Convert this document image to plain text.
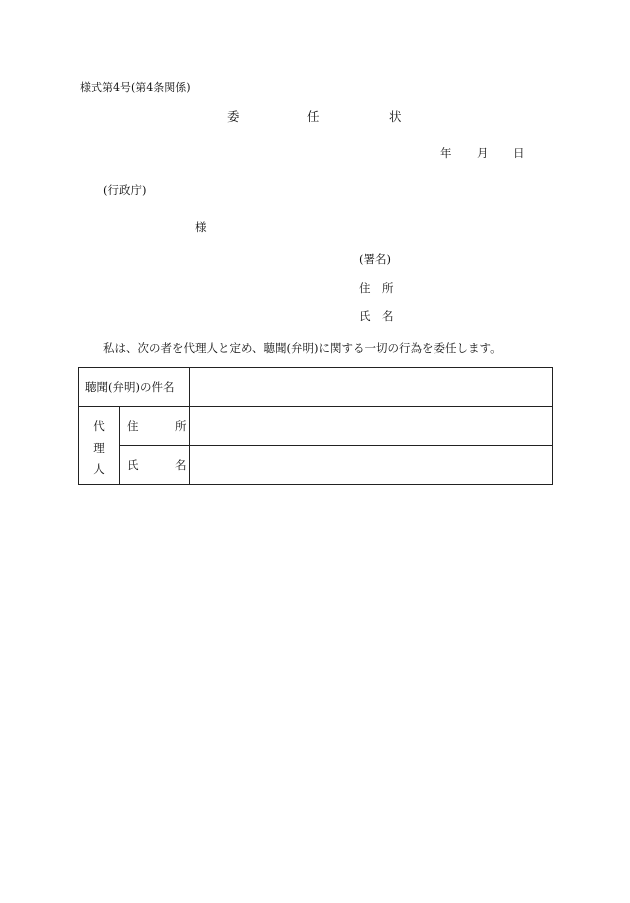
様式第4号(第4条関係)
委	任	状
年 月 日
(行政庁)
様
(署名)
住 所
氏 名
私は、次の者を代理人と定め、聴聞(弁明)に関する一切の行為を委任します。
聴聞(弁明)の件名		

代
理
人	住 所	
	氏 名	
